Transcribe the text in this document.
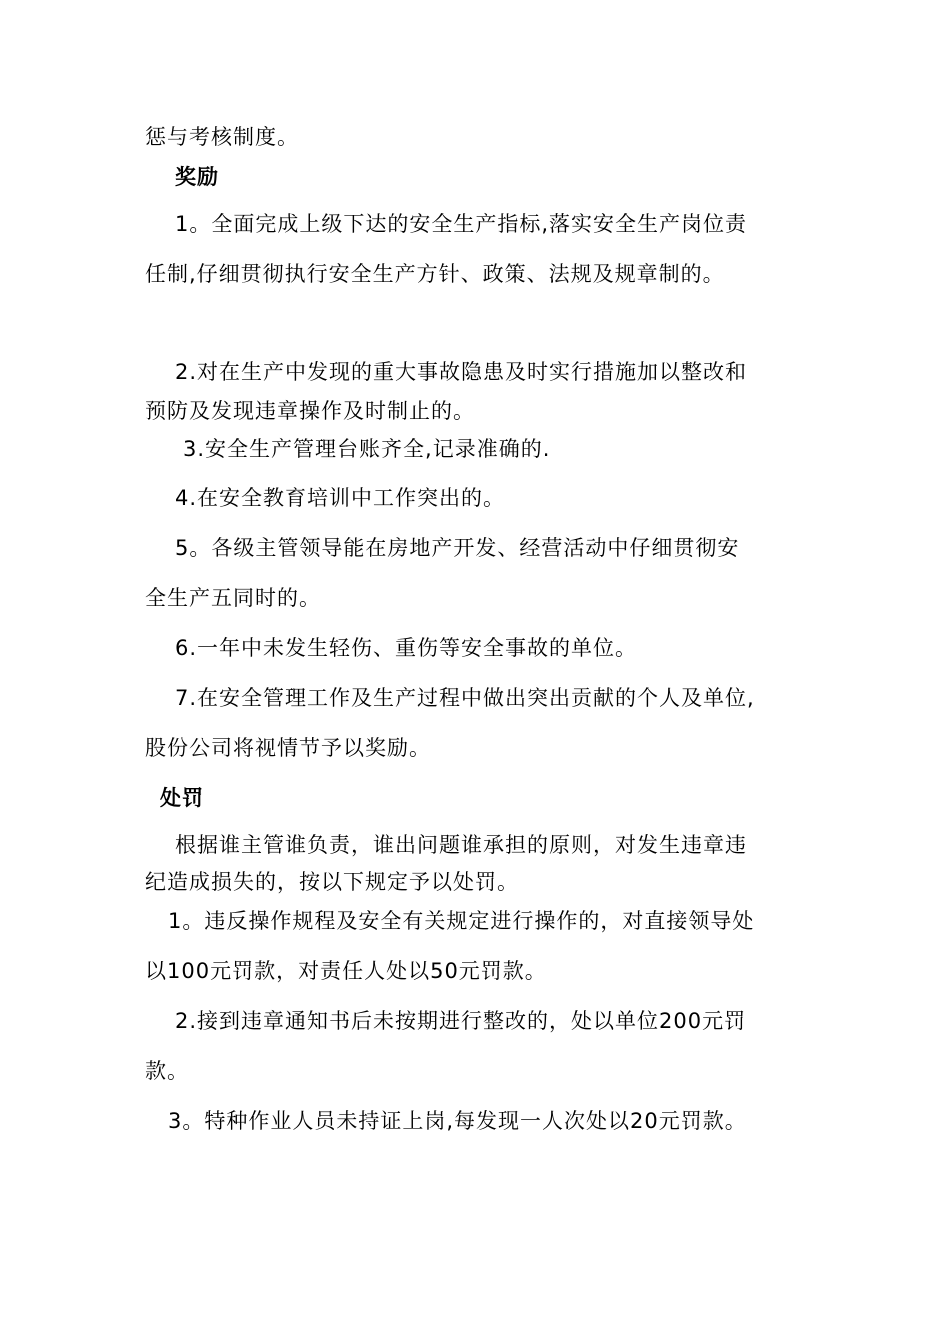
惩与考核制度。

奖励

1。全面完成上级下达的安全生产指标,落实安全生产岗位责

任制,仔细贯彻执行安全生产方针、政策、法规及规章制的。

2.对在生产中发现的重大事故隐患及时实行措施加以整改和

预防及发现违章操作及时制止的。

3.安全生产管理台账齐全,记录准确的.

4.在安全教育培训中工作突出的。

5。各级主管领导能在房地产开发、经营活动中仔细贯彻安

全生产五同时的。

6.一年中未发生轻伤、重伤等安全事故的单位。

7.在安全管理工作及生产过程中做出突出贡献的个人及单位,

股份公司将视情节予以奖励。

处罚

根据谁主管谁负责，谁出问题谁承担的原则，对发生违章违

纪造成损失的，按以下规定予以处罚。

1。违反操作规程及安全有关规定进行操作的，对直接领导处

以100元罚款，对责任人处以50元罚款。

2.接到违章通知书后未按期进行整改的，处以单位200元罚

款。

3。特种作业人员未持证上岗,每发现一人次处以20元罚款。
